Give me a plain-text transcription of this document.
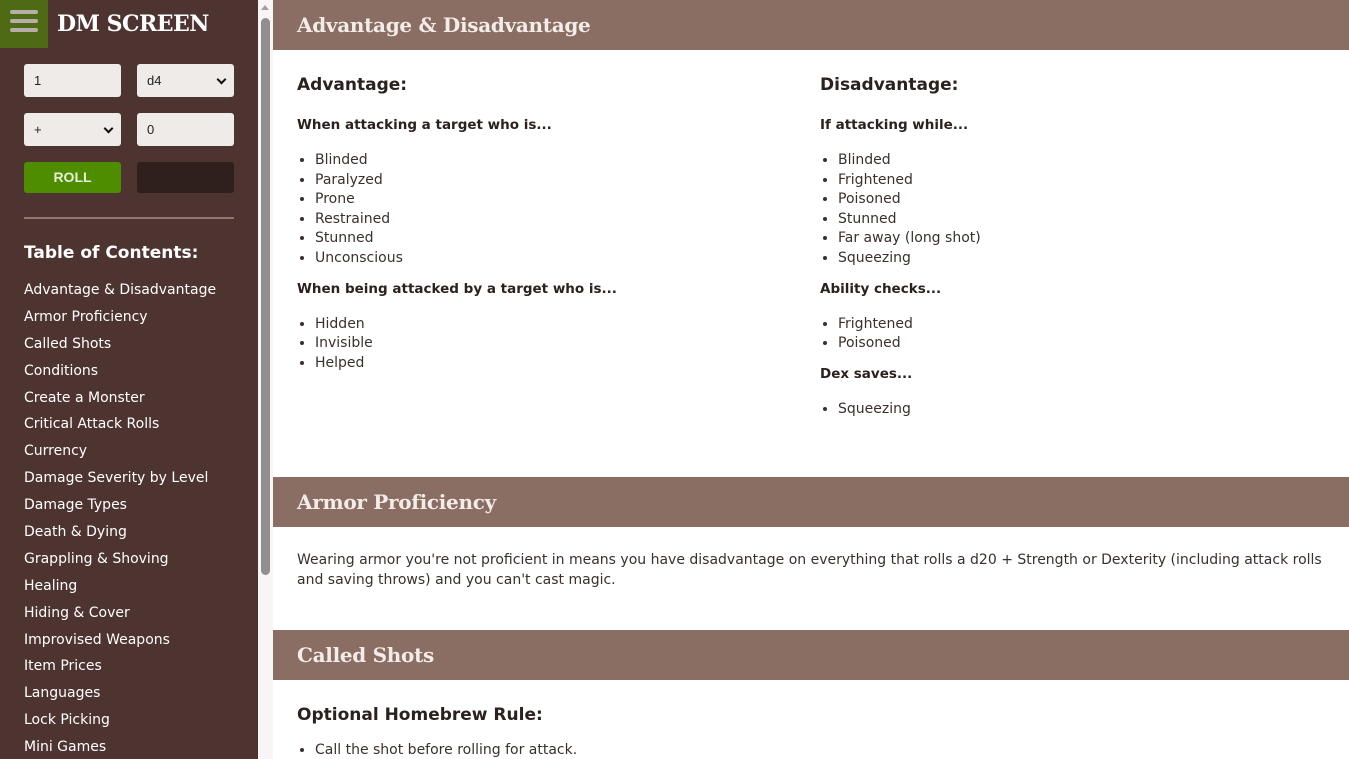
DM SCREEN
1	d4
+	0
ROLL
Table of Contents:
Advantage & Disadvantage
Armor Proficiency
Called Shots
Conditions
Create a Monster
Critical Attack Rolls
Currency
Damage Severity by Level
Damage Types
Death & Dying
Grappling & Shoving
Healing
Hiding & Cover
Improvised Weapons
Item Prices
Languages
Lock Picking
Mini Games
Advantage & Disadvantage
Advantage:
When attacking a target who is...
• Blinded
• Paralyzed
• Prone
• Restrained
• Stunned
• Unconscious
When being attacked by a target who is...
• Hidden
• Invisible
• Helped
Disadvantage:
If attacking while...
• Blinded
• Frightened
• Poisoned
• Stunned
• Far away (long shot)
• Squeezing
Ability checks...
• Frightened
• Poisoned
Dex saves...
• Squeezing
Armor Proficiency

Wearing armor you're not proficient in means you have disadvantage on everything that rolls a d20 + Strength or Dexterity (including attack rolls and saving throws) and you can't cast magic.

Called Shots
Optional Homebrew Rule:
• Call the shot before rolling for attack.
